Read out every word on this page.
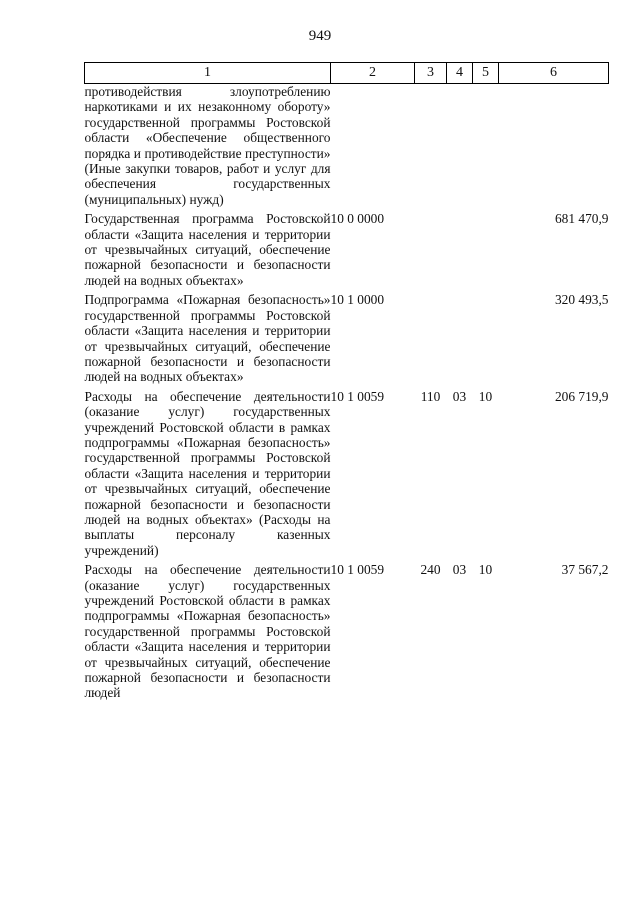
949
1	2	3	4	5	6
противодействия злоупотреблению наркотиками и их незаконному обороту» государственной программы Ростовской области «Обеспечение общественного порядка и противодействие преступности» (Иные закупки товаров, работ и услуг для обеспечения государственных (муниципальных) нужд)					
Государственная программа Ростовской области «Защита населения и территории от чрезвычайных ситуаций, обеспечение пожарной безопасности и безопасности людей на водных объектах»	10 0 0000				681 470,9
Подпрограмма «Пожарная безопасность» государственной программы Ростовской области «Защита населения и территории от чрезвычайных ситуаций, обеспечение пожарной безопасности и безопасности людей на водных объектах»	10 1 0000				320 493,5
Расходы на обеспечение деятельности (оказание услуг) государственных учреждений Ростовской области в рамках подпрограммы «Пожарная безопасность» государственной программы Ростовской области «Защита населения и территории от чрезвычайных ситуаций, обеспечение пожарной безопасности и безопасности людей на водных объектах» (Расходы на выплаты персоналу казенных учреждений)	10 1 0059	110	03	10	206 719,9
Расходы на обеспечение деятельности (оказание услуг) государственных учреждений Ростовской области в рамках подпрограммы «Пожарная безопасность» государственной программы Ростовской области «Защита населения и территории от чрезвычайных ситуаций, обеспечение пожарной безопасности и безопасности людей	10 1 0059	240	03	10	37 567,2
